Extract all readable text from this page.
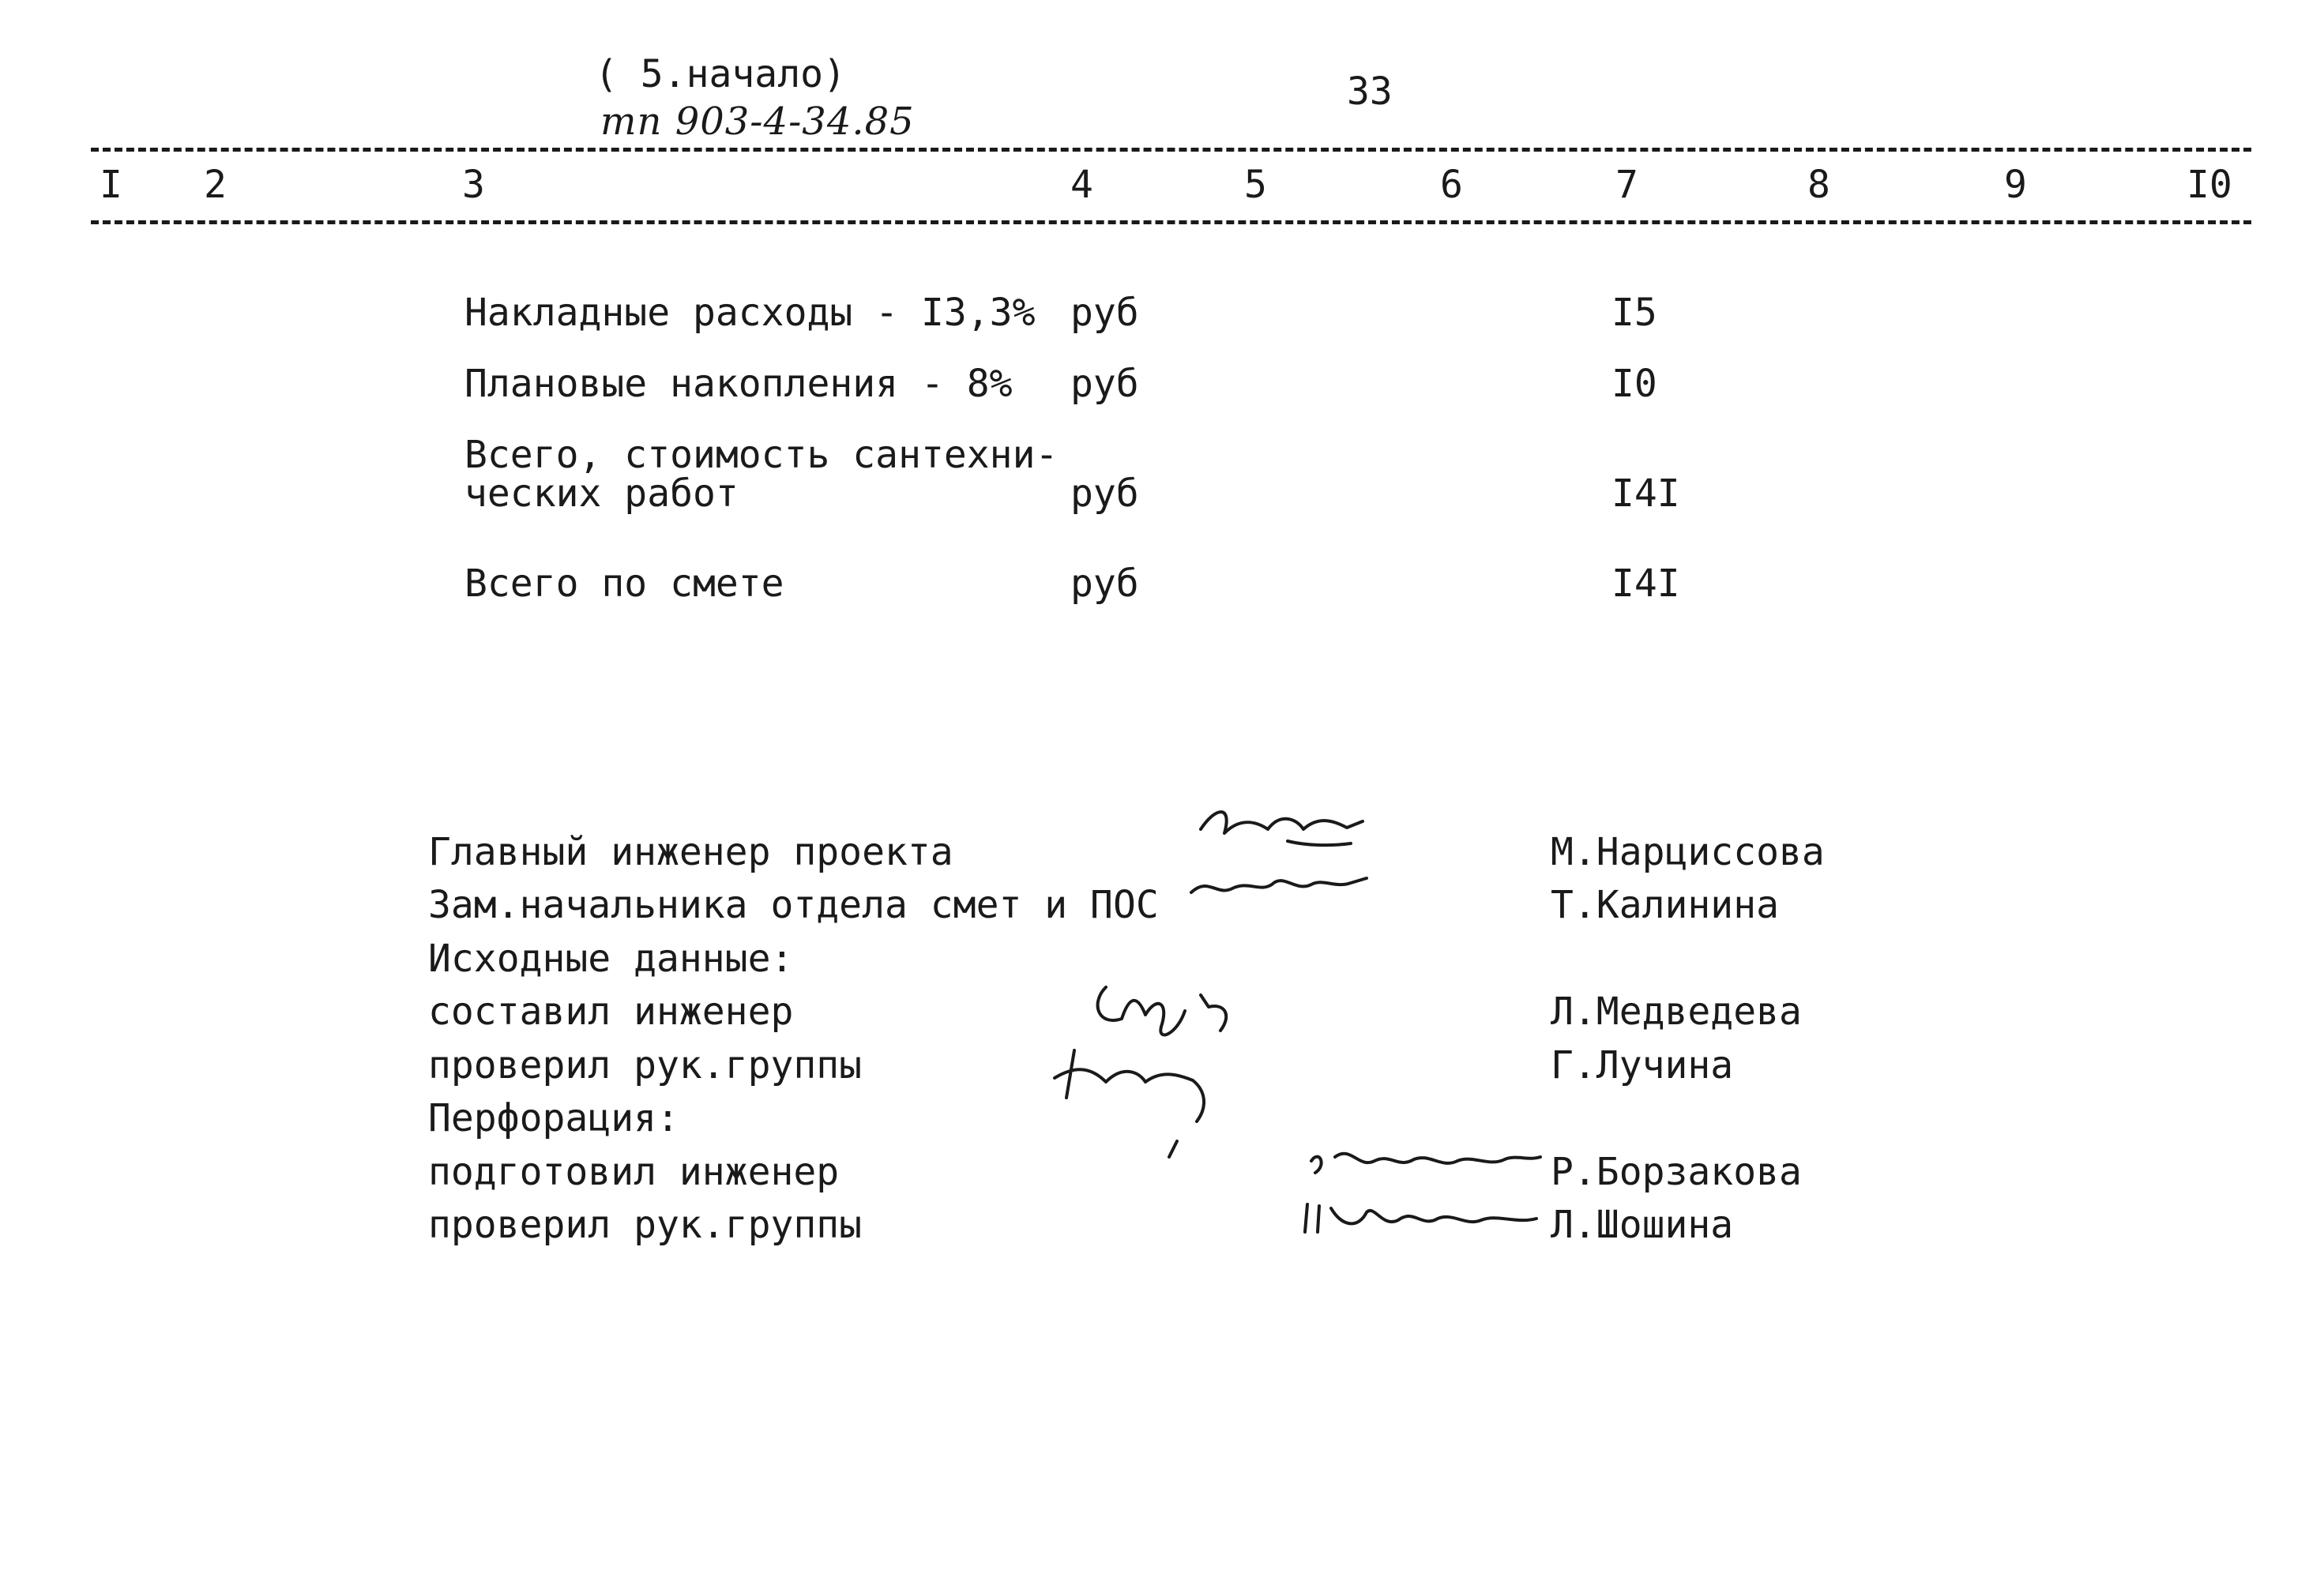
( 5.начало)
тп 903-4-34.85
33
I 2	3	4	5	6	7	8	9	I0
Накладные расходы - I3,3% руб	I5
Плановые накопления - 8% руб	I0
Всего, стоимость сантехни-
ческих работ	руб	I4I
Всего по смете	руб	I4I
Главный инженер проекта	М.Нарциссова
Зам.начальника отдела смет и ПОС	Т.Калинина
Исходные данные:
составил инженер	Л.Медведева
проверил рук.группы	Г.Лучина
Перфорация:
подготовил инженер	Р.Борзакова
проверил рук.группы	Л.Шошина
